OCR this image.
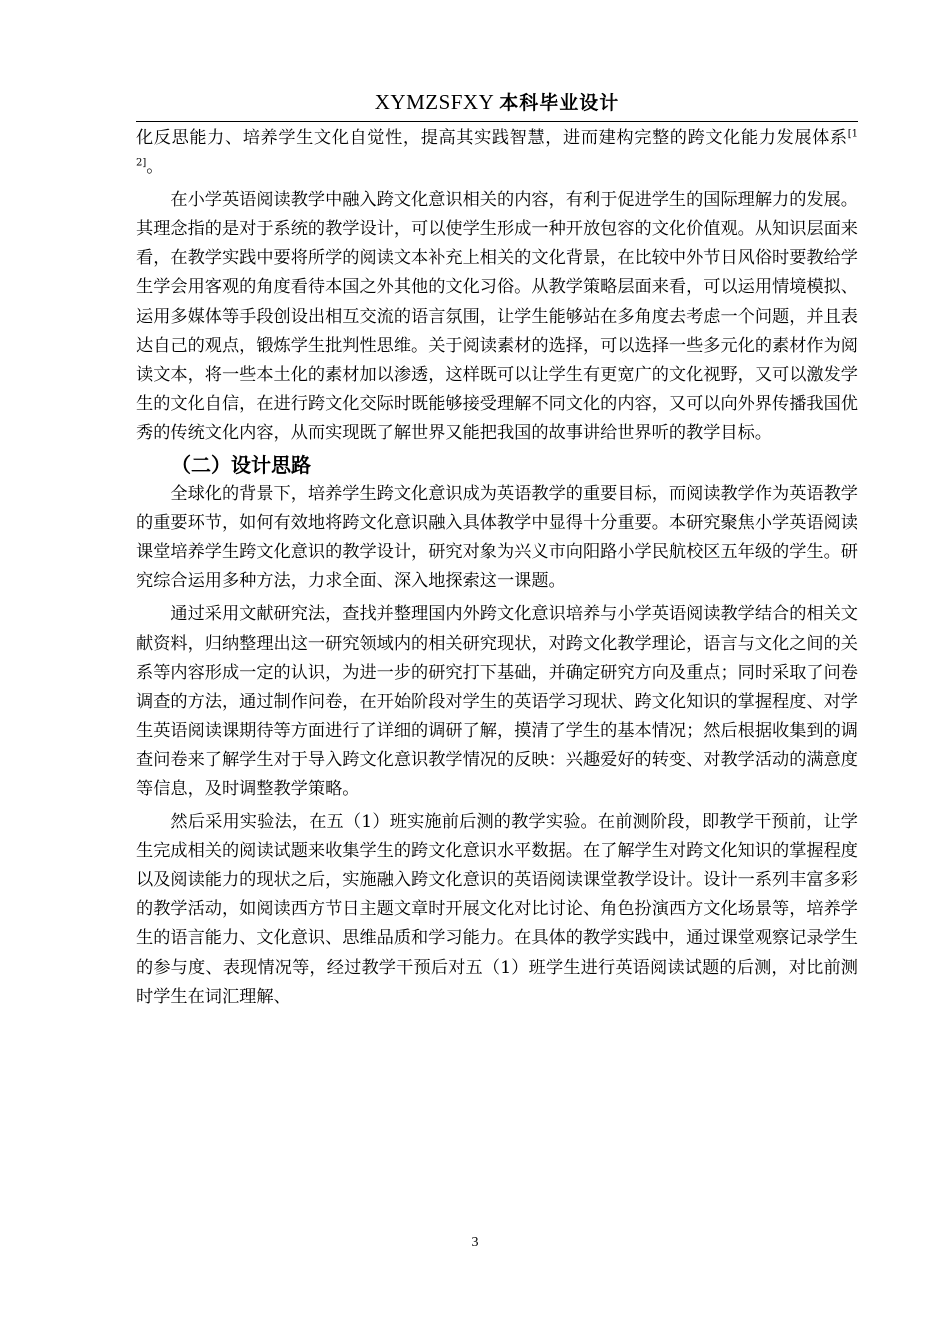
XYMZSFXY 本科毕业设计

化反思能力、培养学生文化自觉性，提高其实践智慧，进而建构完整的跨文化能力发展体系[12]。

在小学英语阅读教学中融入跨文化意识相关的内容，有利于促进学生的国际理解力的发展。其理念指的是对于系统的教学设计，可以使学生形成一种开放包容的文化价值观。从知识层面来看，在教学实践中要将所学的阅读文本补充上相关的文化背景，在比较中外节日风俗时要教给学生学会用客观的角度看待本国之外其他的文化习俗。从教学策略层面来看，可以运用情境模拟、运用多媒体等手段创设出相互交流的语言氛围，让学生能够站在多角度去考虑一个问题，并且表达自己的观点，锻炼学生批判性思维。关于阅读素材的选择，可以选择一些多元化的素材作为阅读文本，将一些本土化的素材加以渗透，这样既可以让学生有更宽广的文化视野，又可以激发学生的文化自信，在进行跨文化交际时既能够接受理解不同文化的内容，又可以向外界传播我国优秀的传统文化内容，从而实现既了解世界又能把我国的故事讲给世界听的教学目标。

（二）设计思路

全球化的背景下，培养学生跨文化意识成为英语教学的重要目标，而阅读教学作为英语教学的重要环节，如何有效地将跨文化意识融入具体教学中显得十分重要。本研究聚焦小学英语阅读课堂培养学生跨文化意识的教学设计，研究对象为兴义市向阳路小学民航校区五年级的学生。研究综合运用多种方法，力求全面、深入地探索这一课题。

通过采用文献研究法，查找并整理国内外跨文化意识培养与小学英语阅读教学结合的相关文献资料，归纳整理出这一研究领域内的相关研究现状，对跨文化教学理论，语言与文化之间的关系等内容形成一定的认识，为进一步的研究打下基础，并确定研究方向及重点；同时采取了问卷调查的方法，通过制作问卷，在开始阶段对学生的英语学习现状、跨文化知识的掌握程度、对学生英语阅读课期待等方面进行了详细的调研了解，摸清了学生的基本情况；然后根据收集到的调查问卷来了解学生对于导入跨文化意识教学情况的反映：兴趣爱好的转变、对教学活动的满意度等信息，及时调整教学策略。

然后采用实验法，在五（1）班实施前后测的教学实验。在前测阶段，即教学干预前，让学生完成相关的阅读试题来收集学生的跨文化意识水平数据。在了解学生对跨文化知识的掌握程度以及阅读能力的现状之后，实施融入跨文化意识的英语阅读课堂教学设计。设计一系列丰富多彩的教学活动，如阅读西方节日主题文章时开展文化对比讨论、角色扮演西方文化场景等，培养学生的语言能力、文化意识、思维品质和学习能力。在具体的教学实践中，通过课堂观察记录学生的参与度、表现情况等，经过教学干预后对五（1）班学生进行英语阅读试题的后测，对比前测时学生在词汇理解、

3
